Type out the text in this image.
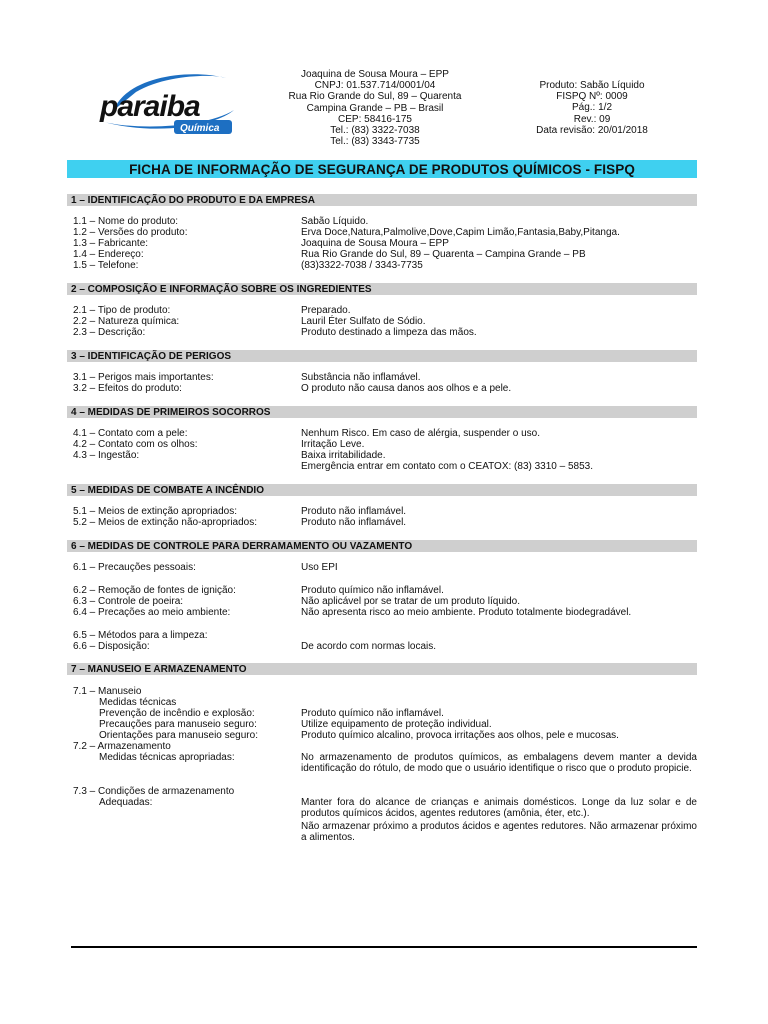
Química
paraiba
Joaquina de Sousa Moura – EPP
CNPJ: 01.537.714/0001/04
Rua Rio Grande do Sul, 89 – Quarenta
Campina Grande – PB – Brasil
CEP: 58416-175
Tel.: (83) 3322-7038
Tel.: (83) 3343-7735
Produto: Sabão Líquido
FISPQ Nº: 0009
Pág.: 1/2
Rev.: 09
Data revisão: 20/01/2018
FICHA DE INFORMAÇÃO DE SEGURANÇA DE PRODUTOS QUÍMICOS - FISPQ
1 – IDENTIFICAÇÃO DO PRODUTO E DA EMPRESA
1.1 – Nome do produto:	Sabão Líquido.
1.2 – Versões do produto:	Erva Doce,Natura,Palmolive,Dove,Capim Limão,Fantasia,Baby,Pitanga.
1.3 – Fabricante:	Joaquina de Sousa Moura – EPP
1.4 – Endereço:	Rua Rio Grande do Sul, 89 – Quarenta – Campina Grande – PB
1.5 – Telefone:	(83)3322-7038 / 3343-7735
2 – COMPOSIÇÃO E INFORMAÇÃO SOBRE OS INGREDIENTES
2.1 – Tipo de produto:	Preparado.
2.2 – Natureza química:	Lauril Éter Sulfato de Sódio.
2.3 – Descrição:	Produto destinado a limpeza das mãos.
3 – IDENTIFICAÇÃO DE PERIGOS
3.1 – Perigos mais importantes:	Substância não inflamável.
3.2 – Efeitos do produto:	O produto não causa danos aos olhos e a pele.
4 – MEDIDAS DE PRIMEIROS SOCORROS
4.1 – Contato com a pele:	Nenhum Risco. Em caso de alérgia, suspender o uso.
4.2 – Contato com os olhos:	Irritação Leve.
4.3 – Ingestão:	Baixa irritabilidade.
Emergência entrar em contato com o CEATOX: (83) 3310 – 5853.
5 – MEDIDAS DE COMBATE A INCÊNDIO
5.1 – Meios de extinção apropriados:	Produto não inflamável.
5.2 – Meios de extinção não-apropriados:	Produto não inflamável.
6 – MEDIDAS DE CONTROLE PARA DERRAMAMENTO OU VAZAMENTO
6.1 – Precauções pessoais:	Uso EPI
6.2 – Remoção de fontes de ignição:	Produto químico não inflamável.
6.3 – Controle de poeira:	Não aplicável por se tratar de um produto líquido.
6.4 – Precações ao meio ambiente:	Não apresenta risco ao meio ambiente. Produto totalmente biodegradável.
6.5 – Métodos para a limpeza:
6.6 – Disposição:	De acordo com normas locais.
7 – MANUSEIO E ARMAZENAMENTO
7.1 – Manuseio
Medidas técnicas
Prevenção de incêndio e explosão:	Produto químico não inflamável.
Precauções para manuseio seguro:	Utilize equipamento de proteção individual.
Orientações para manuseio seguro:	Produto químico alcalino, provoca irritações aos olhos, pele e mucosas.
7.2 – Armazenamento
Medidas técnicas apropriadas:	No armazenamento de produtos químicos, as embalagens devem manter a devida identificação do rótulo, de modo que o usuário identifique o risco que o produto propicie.
7.3 – Condições de armazenamento
Adequadas:	Manter fora do alcance de crianças e animais domésticos. Longe da luz solar e de produtos químicos ácidos, agentes redutores (amônia, éter, etc.).
Não armazenar próximo a produtos ácidos e agentes redutores. Não armazenar próximo a alimentos.
